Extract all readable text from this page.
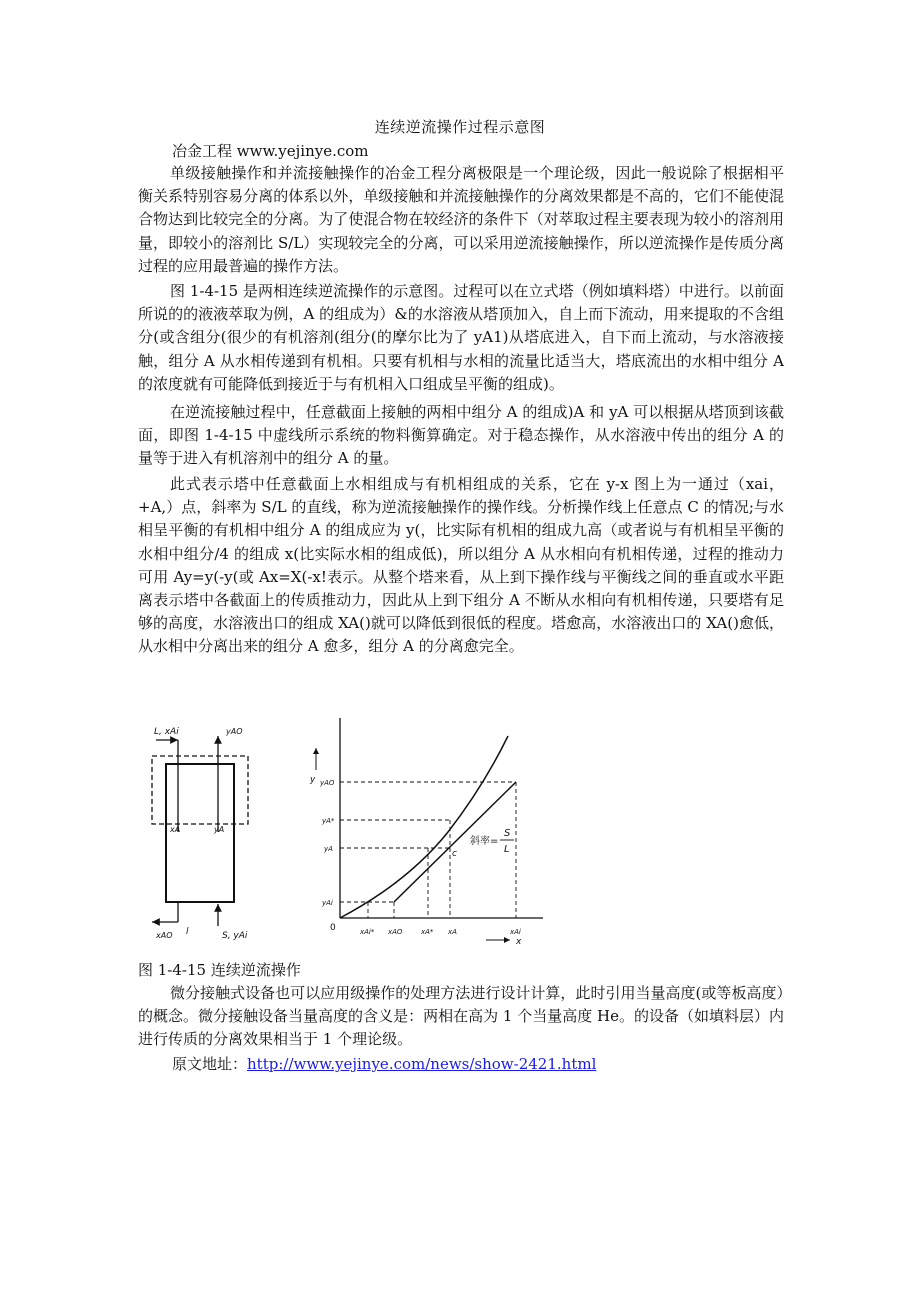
连续逆流操作过程示意图
冶金工程 www.yejinye.com

单级接触操作和并流接触操作的冶金工程分离极限是一个理论级，因此一般说除了根据相平衡关系特别容易分离的体系以外，单级接触和并流接触操作的分离效果都是不高的，它们不能使混合物达到比较完全的分离。为了使混合物在较经济的条件下（对萃取过程主要表现为较小的溶剂用量，即较小的溶剂比 S/L）实现较完全的分离，可以采用逆流接触操作，所以逆流操作是传质分离过程的应用最普遍的操作方法。

图 1-4-15 是两相连续逆流操作的示意图。过程可以在立式塔（例如填料塔）中进行。以前面所说的的液液萃取为例，A 的组成为）&的水溶液从塔顶加入，自上而下流动，用来提取的不含组分(或含组分(很少的有机溶剂(组分(的摩尔比为了 yA1)从塔底进入，自下而上流动，与水溶液接触，组分 A 从水相传递到有机相。只要有机相与水相的流量比适当大，塔底流出的水相中组分 A 的浓度就有可能降低到接近于与有机相入口组成呈平衡的组成)。

在逆流接触过程中，任意截面上接触的两相中组分 A 的组成)A 和 yA 可以根据从塔顶到该截面，即图 1-4-15 中虚线所示系统的物料衡算确定。对于稳态操作，从水溶液中传出的组分 A 的量等于进入有机溶剂中的组分 A 的量。

此式表示塔中任意截面上水相组成与有机相组成的关系，它在 y-x 图上为一通过（xai，+A,）点，斜率为 S/L 的直线，称为逆流接触操作的操作线。分析操作线上任意点 C 的情况;与水相呈平衡的有机相中组分 A 的组成应为 y(，比实际有机相的组成九高（或者说与有机相呈平衡的水相中组分/4 的组成 x(比实际水相的组成低)，所以组分 A 从水相向有机相传递，过程的推动力可用 Ay=y(-y(或 Ax=X(-x!表示。从整个塔来看，从上到下操作线与平衡线之间的垂直或水平距离表示塔中各截面上的传质推动力，因此从上到下组分 A 不断从水相向有机相传递，只要塔有足够的高度，水溶液出口的组成 XA()就可以降低到很低的程度。塔愈高，水溶液出口的 XA()愈低，从水相中分离出来的组分 A 愈多，组分 A 的分离愈完全。

L, xAi	yAO
xA	yA
xAO l	S, yAi
y
x
0
yAO
yA*
yA
yAi
xAi* xAO	xA* xA	xAi
c
斜率=
S
L
图 1-4-15 连续逆流操作

微分接触式设备也可以应用级操作的处理方法进行设计计算，此时引用当量高度(或等板高度）的概念。微分接触设备当量高度的含义是：两相在高为 1 个当量高度 He。的设备（如填料层）内进行传质的分离效果相当于 1 个理论级。

原文地址：http://www.yejinye.com/news/show-2421.html
